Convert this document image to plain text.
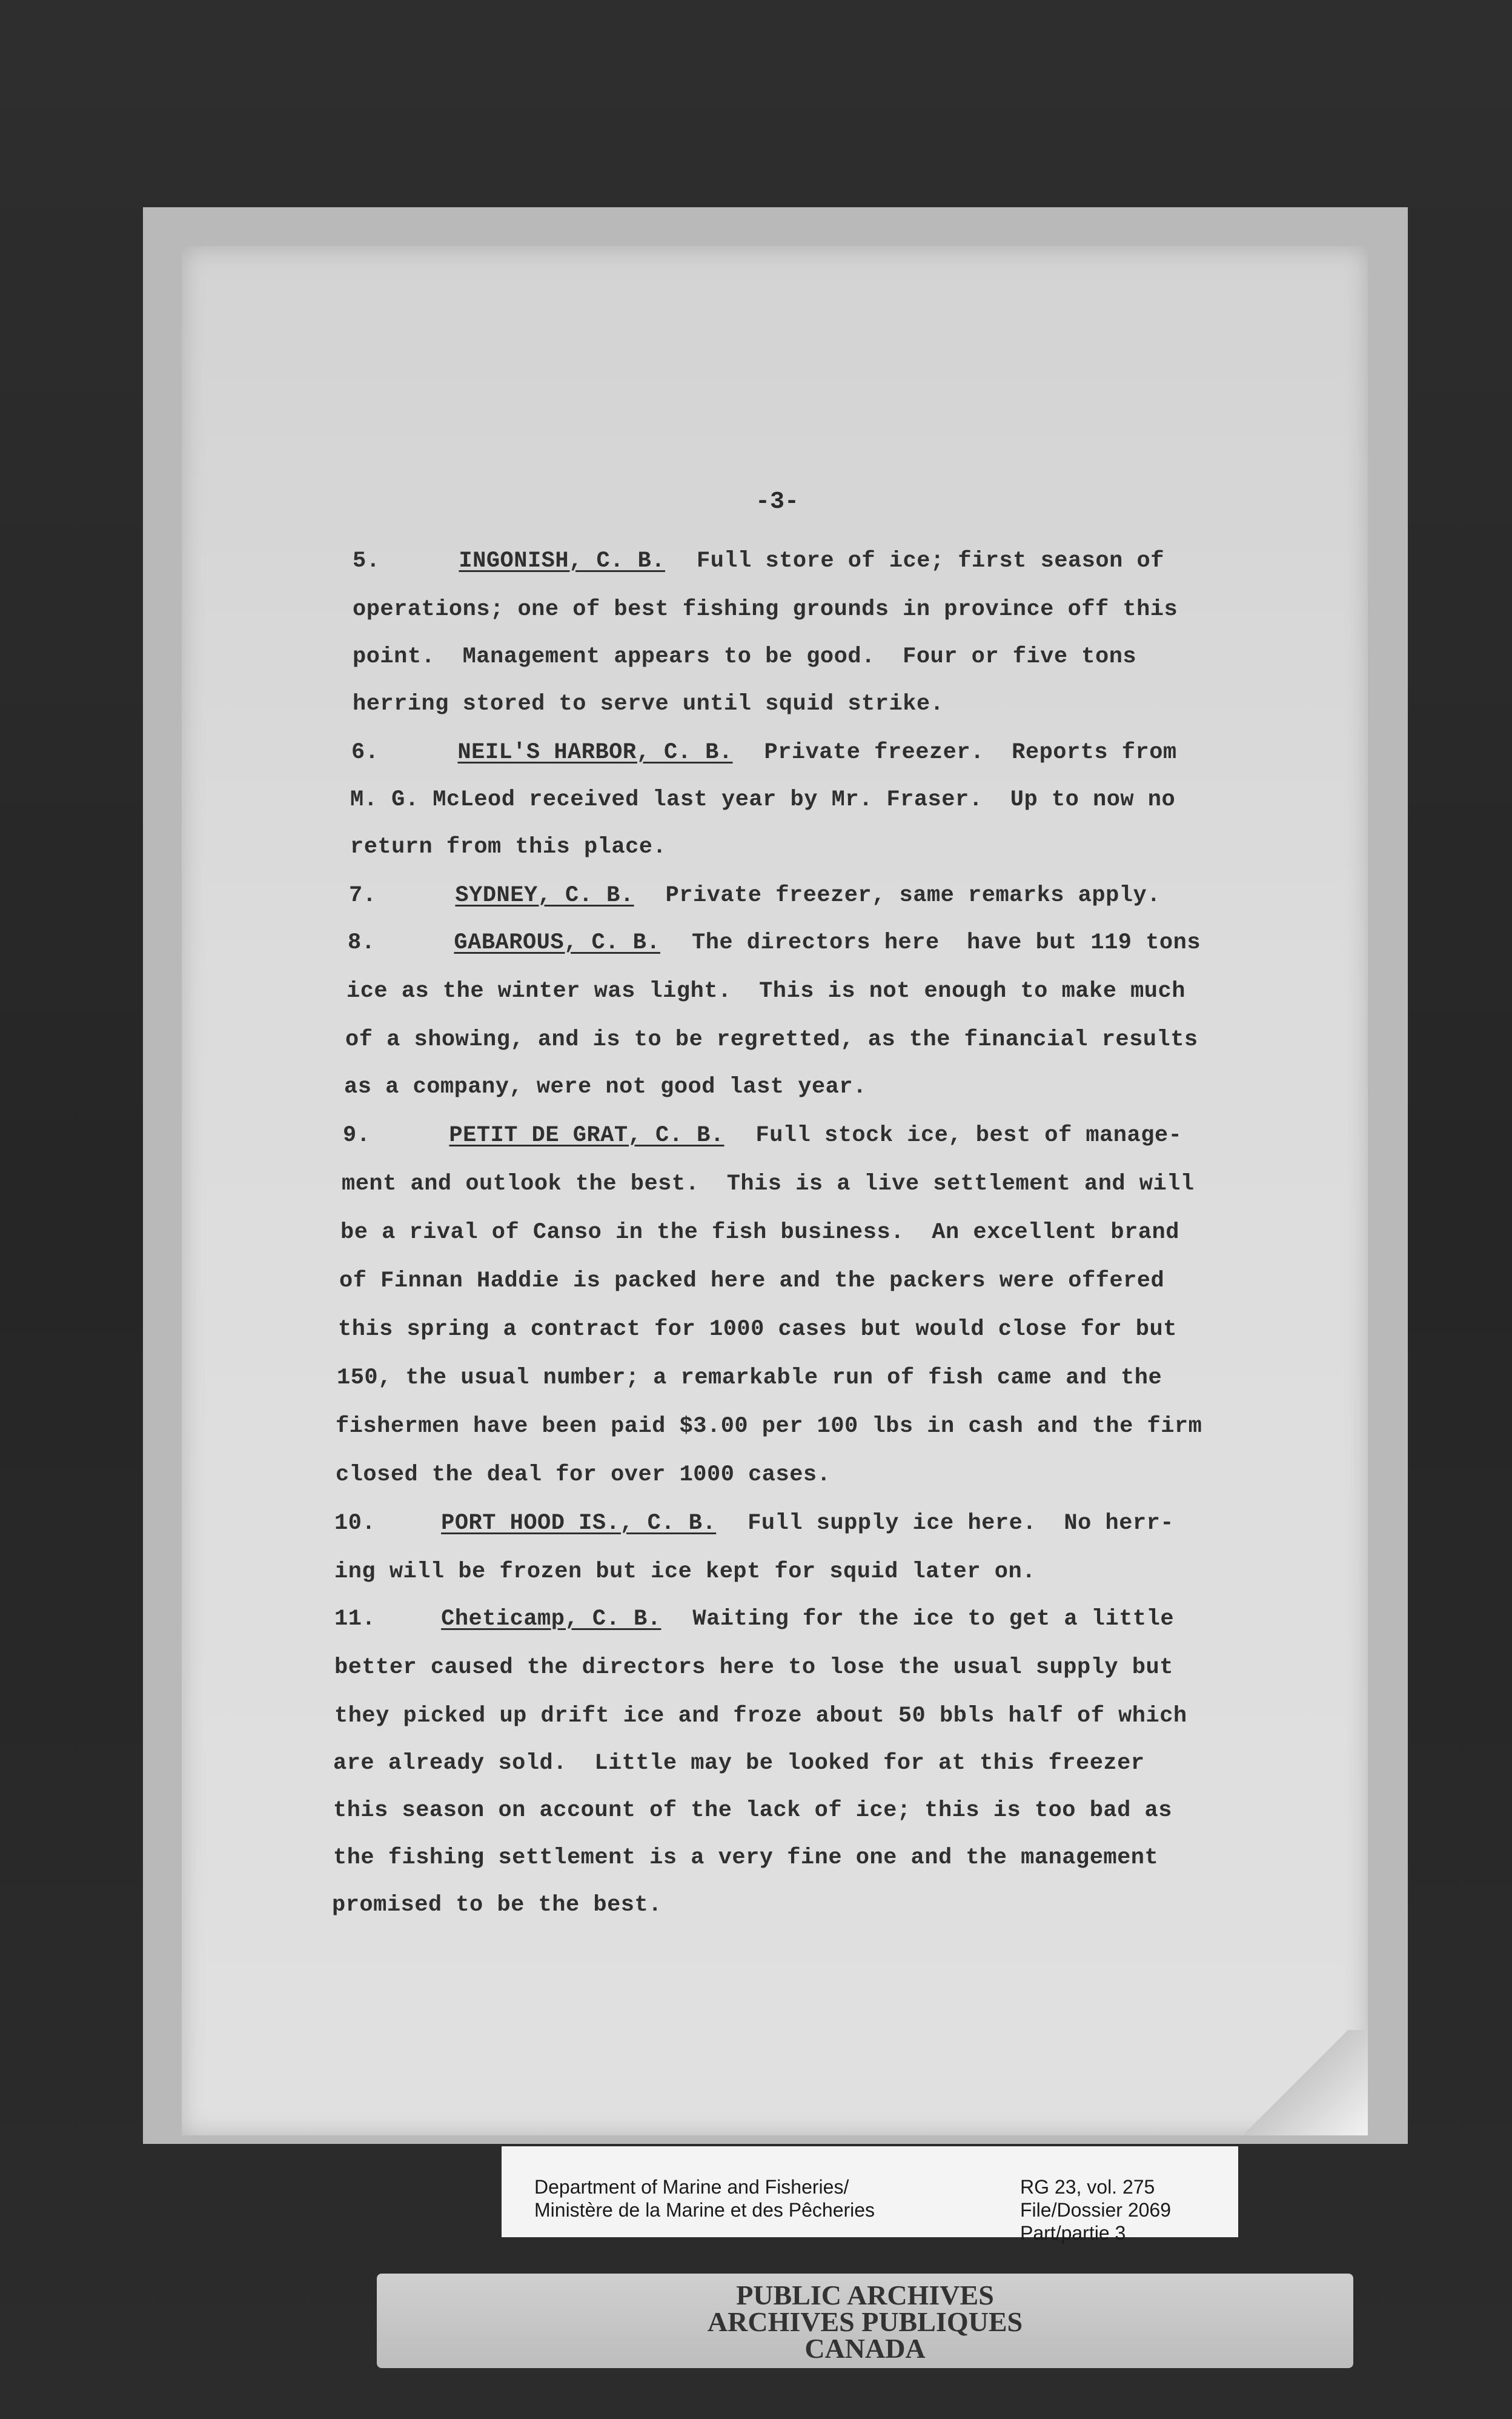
-3-
5.	INGONISH, C. B. Full store of ice; first season of
operations; one of best fishing grounds in province off this
point.  Management appears to be good.  Four or five tons
herring stored to serve until squid strike.
6.	NEIL'S HARBOR, C. B. Private freezer.  Reports from
M. G. McLeod received last year by Mr. Fraser.  Up to now no
return from this place.
7.	SYDNEY, C. B. Private freezer, same remarks apply.
8.	GABAROUS, C. B. The directors here  have but 119 tons
ice as the winter was light.  This is not enough to make much
of a showing, and is to be regretted, as the financial results
as a company, were not good last year.
9.	PETIT DE GRAT, C. B. Full stock ice, best of manage-
ment and outlook the best.  This is a live settlement and will
be a rival of Canso in the fish business.  An excellent brand
of Finnan Haddie is packed here and the packers were offered
this spring a contract for 1000 cases but would close for but
150, the usual number; a remarkable run of fish came and the
fishermen have been paid $3.00 per 100 lbs in cash and the firm
closed the deal for over 1000 cases.
10.	PORT HOOD IS., C. B. Full supply ice here.  No herr-
ing will be frozen but ice kept for squid later on.
11.	Cheticamp, C. B. Waiting for the ice to get a little
better caused the directors here to lose the usual supply but
they picked up drift ice and froze about 50 bbls half of which
are already sold.  Little may be looked for at this freezer
this season on account of the lack of ice; this is too bad as
the fishing settlement is a very fine one and the management
promised to be the best.
Department of Marine and Fisheries/
Ministère de la Marine et des Pêcheries
RG 23, vol. 275
File/Dossier 2069
Part/partie 3
PUBLIC ARCHIVES
ARCHIVES PUBLIQUES
CANADA
